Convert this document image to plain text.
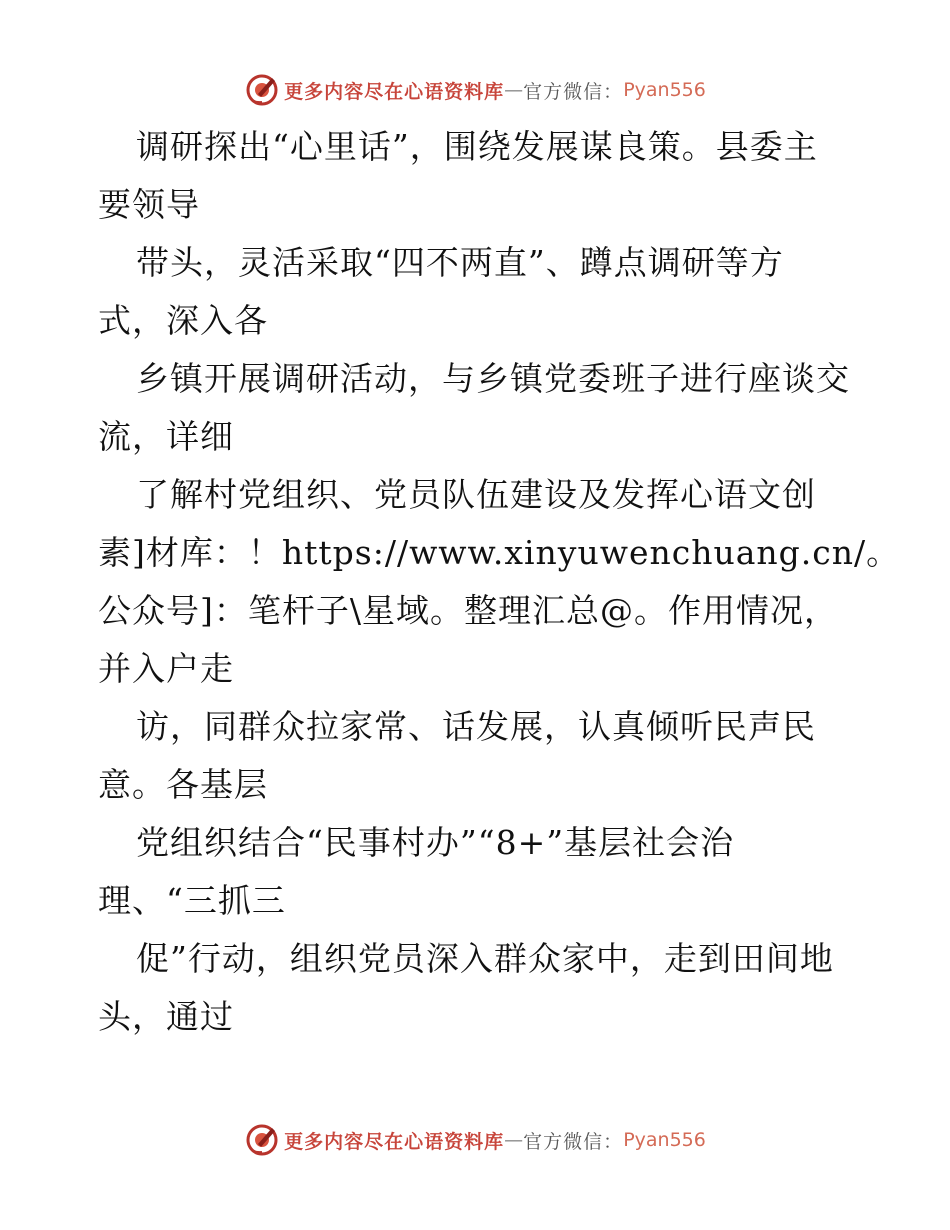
更多内容尽在心语资料库 — 官方微信： Pyan556
调研探出“心里话”，围绕发展谋良策。县委主
要领导
带头，灵活采取“四不两直”、蹲点调研等方
式，深入各
乡镇开展调研活动，与乡镇党委班子进行座谈交
流，详细
了解村党组织、党员队伍建设及发挥心语文创
素]材库：！https://www.xinyuwenchuang.cn/。
公众号]：笔杆子\星域。整理汇总@。作用情况，
并入户走
访，同群众拉家常、话发展，认真倾听民声民
意。各基层
党组织结合“民事村办”“8+”基层社会治
理、“三抓三
促”行动，组织党员深入群众家中，走到田间地
头，通过
更多内容尽在心语资料库 — 官方微信： Pyan556
